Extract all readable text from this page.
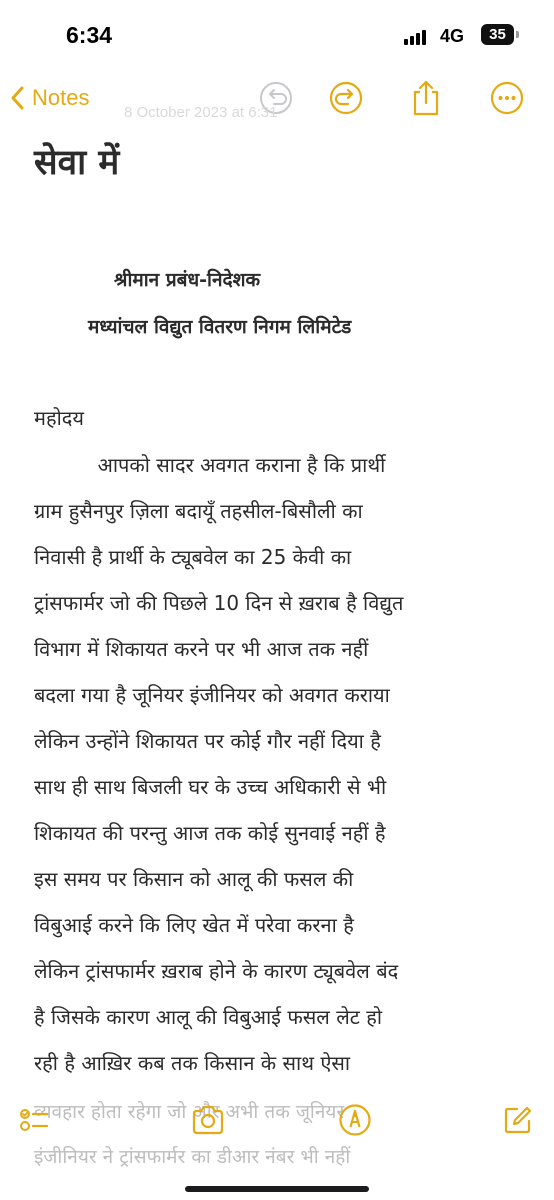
6:34	4G	35
Notes
8 October 2023 at 6:31
सेवा में
श्रीमान प्रबंध-निदेशक
मध्यांचल विद्युत वितरण निगम लिमिटेड
महोदय
आपको सादर अवगत कराना है कि प्रार्थी
ग्राम हुसैनपुर ज़िला बदायूँ तहसील-बिसौली का
निवासी है प्रार्थी के ट्यूबवेल का 25 केवी का
ट्रांसफार्मर जो की पिछले 10 दिन से ख़राब है विद्युत
विभाग में शिकायत करने पर भी आज तक नहीं
बदला गया है जूनियर इंजीनियर को अवगत कराया
लेकिन उन्होंने शिकायत पर कोई गौर नहीं दिया है
साथ ही साथ बिजली घर के उच्च अधिकारी से भी
शिकायत की परन्तु आज तक कोई सुनवाई नहीं है
इस समय पर किसान को आलू की फसल की
विबुआई करने कि लिए खेत में परेवा करना है
लेकिन ट्रांसफार्मर ख़राब होने के कारण ट्यूबवेल बंद
है जिसके कारण आलू की विबुआई फसल लेट हो
रही है आख़िर कब तक किसान के साथ ऐसा
व्यवहार होता रहेगा जो और अभी तक जूनियर
इंजीनियर ने ट्रांसफार्मर का डीआर नंबर भी नहीं
